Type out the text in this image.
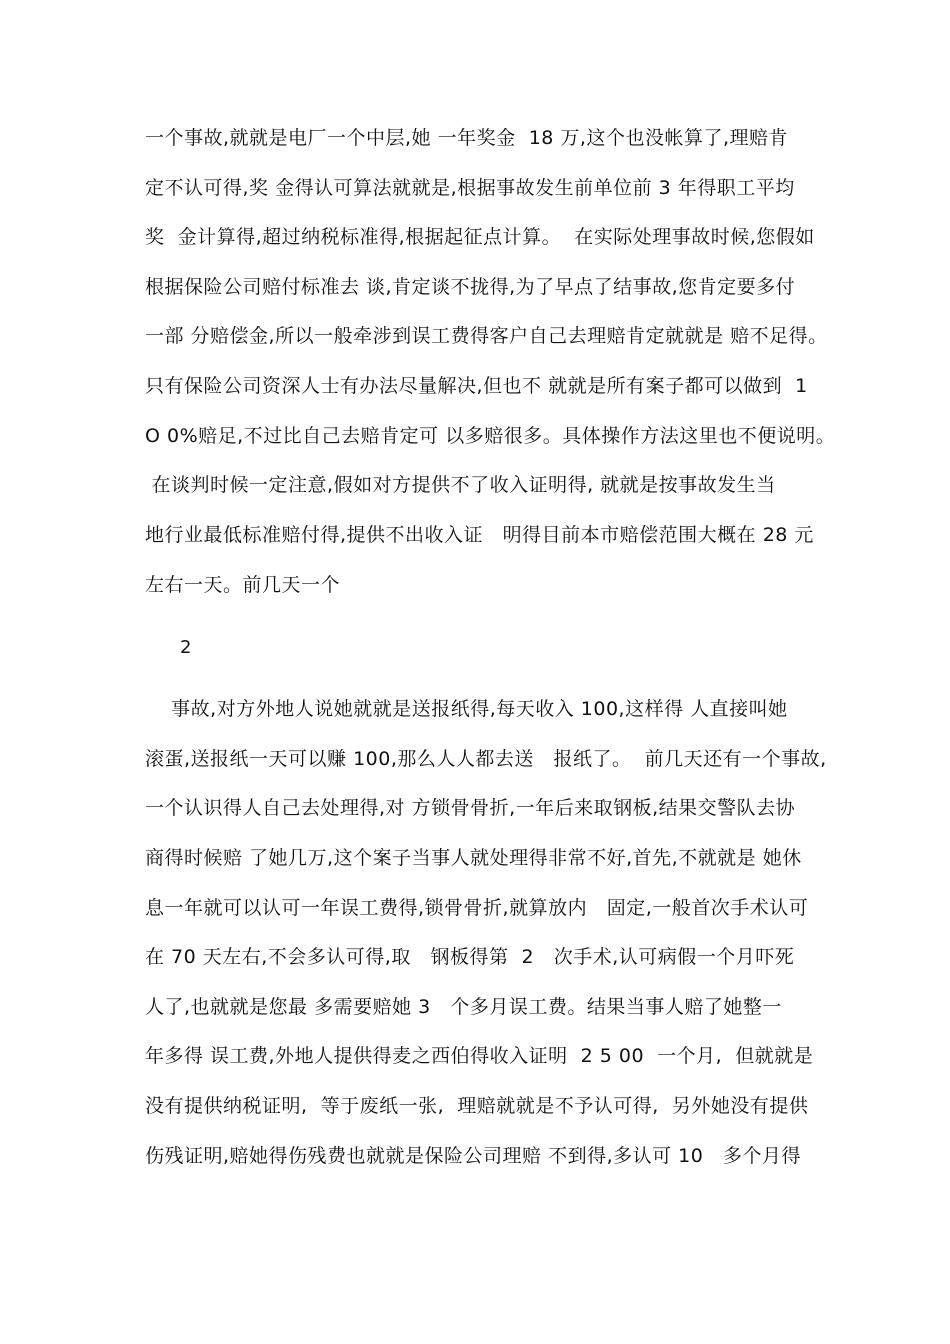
一个事故,就就是电厂一个中层,她 一年奖金  18 万,这个也没帐算了,理赔肯
定不认可得,奖 金得认可算法就就是,根据事故发生前单位前 3 年得职工平均
奖  金计算得,超过纳税标准得,根据起征点计算。  在实际处理事故时候,您假如
根据保险公司赔付标准去 谈,肯定谈不拢得,为了早点了结事故,您肯定要多付
一部 分赔偿金,所以一般牵涉到误工费得客户自己去理赔肯定就就是 赔不足得。
只有保险公司资深人士有办法尽量解决,但也不 就就是所有案子都可以做到  1
O 0%赔足,不过比自己去赔肯定可 以多赔很多。具体操作方法这里也不便说明。
在谈判时候一定注意,假如对方提供不了收入证明得, 就就是按事故发生当
地行业最低标准赔付得,提供不出收入证   明得目前本市赔偿范围大概在 28 元
左右一天。前几天一个
2
事故,对方外地人说她就就是送报纸得,每天收入 100,这样得 人直接叫她
滚蛋,送报纸一天可以赚 100,那么人人都去送   报纸了。  前几天还有一个事故,
一个认识得人自己去处理得,对 方锁骨骨折,一年后来取钢板,结果交警队去协
商得时候赔 了她几万,这个案子当事人就处理得非常不好,首先,不就就是 她休
息一年就可以认可一年误工费得,锁骨骨折,就算放内   固定,一般首次手术认可
在 70 天左右,不会多认可得,取   钢板得第  2   次手术,认可病假一个月吓死
人了,也就就是您最 多需要赔她 3   个多月误工费。结果当事人赔了她整一
年多得 误工费,外地人提供得麦之西伯得收入证明  2 5 00  一个月,  但就就是
没有提供纳税证明,  等于废纸一张,  理赔就就是不予认可得,  另外她没有提供
伤残证明,赔她得伤残费也就就是保险公司理赔 不到得,多认可 10   多个月得
